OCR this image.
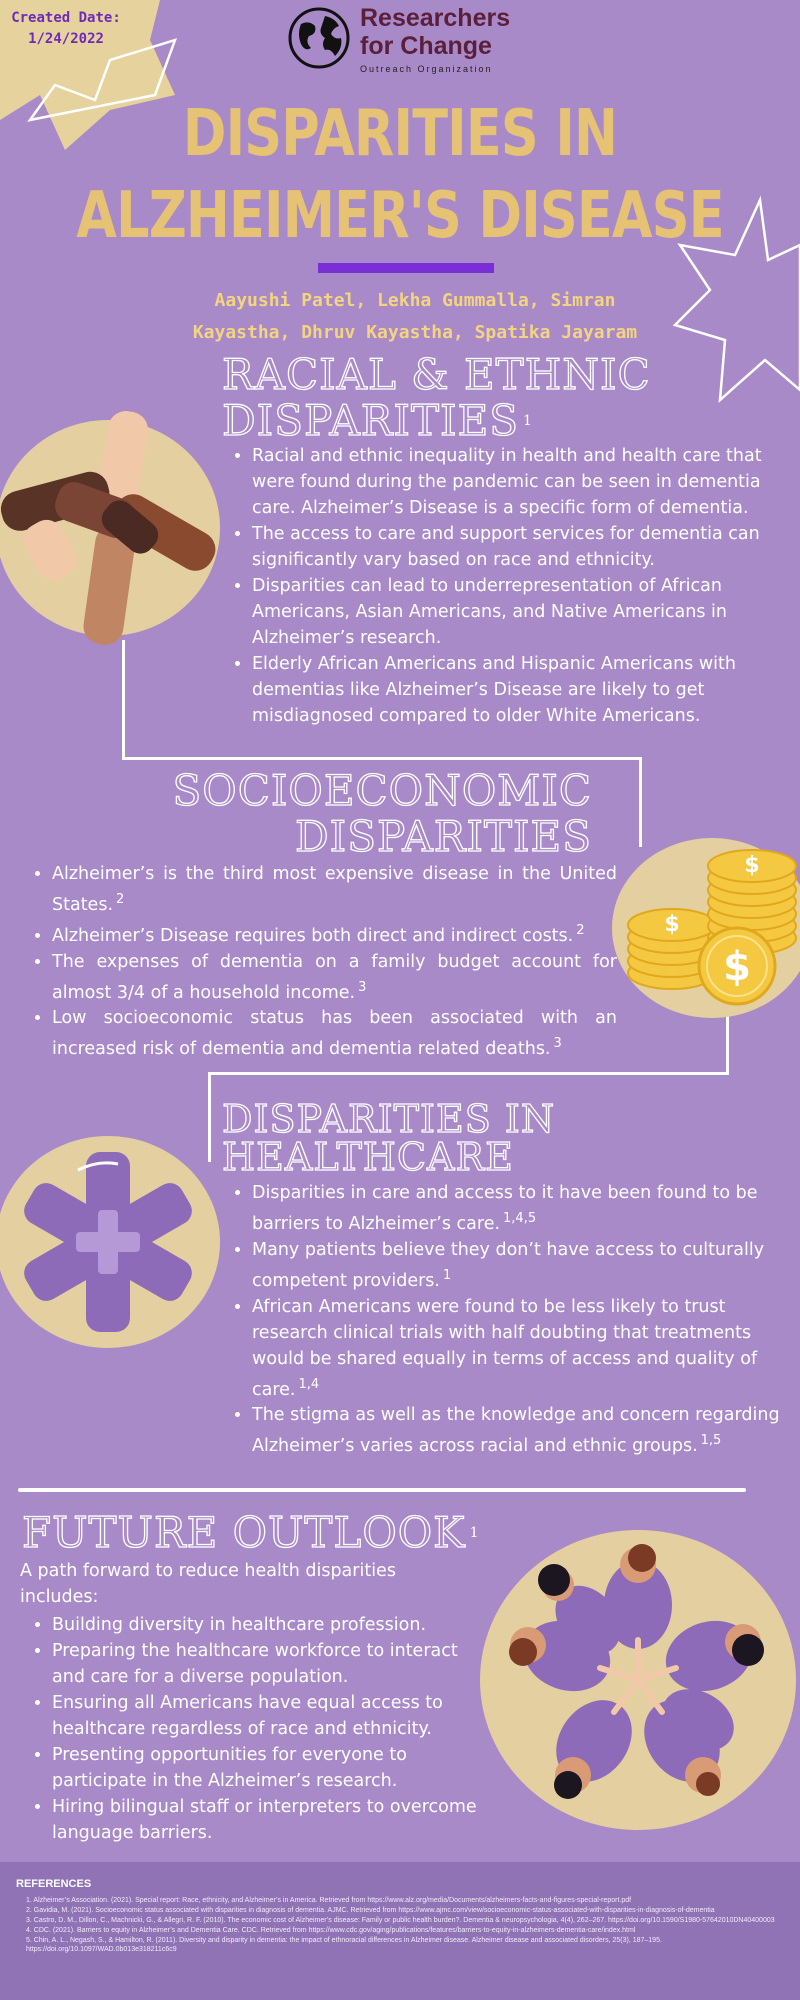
Created Date:
1/24/2022
Researchers
for Change
Outreach Organization
DISPARITIES IN
ALZHEIMER'S DISEASE
Aayushi Patel, Lekha Gummalla, Simran
Kayastha, Dhruv Kayastha, Spatika Jayaram
RACIAL & ETHNIC
DISPARITIES $^1$
• Racial and ethnic inequality in health and health care that were found during the pandemic can be seen in dementia care. Alzheimer’s Disease is a specific form of dementia.
• The access to care and support services for dementia can significantly vary based on race and ethnicity.
• Disparities can lead to underrepresentation of African Americans, Asian Americans, and Native Americans in Alzheimer’s research.
• Elderly African Americans and Hispanic Americans with dementias like Alzheimer’s Disease are likely to get misdiagnosed compared to older White Americans.
SOCIOECONOMIC
DISPARITIES
• Alzheimer’s is the third most expensive disease in the United States. $^2$
• Alzheimer’s Disease requires both direct and indirect costs. $^2$
• The expenses of dementia on a family budget account for almost 3/4 of a household income. $^3$
• Low socioeconomic status has been associated with an increased risk of dementia and dementia related deaths. $^3$
$
$
$
DISPARITIES IN
HEALTHCARE
• Disparities in care and access to it have been found to be barriers to Alzheimer’s care. $^{1,4,5}$
• Many patients believe they don’t have access to culturally competent providers. $^1$
• African Americans were found to be less likely to trust research clinical trials with half doubting that treatments would be shared equally in terms of access and quality of care. $^{1,4}$
• The stigma as well as the knowledge and concern regarding Alzheimer’s varies across racial and ethnic groups. $^{1,5}$
FUTURE OUTLOOK $^1$
A path forward to reduce health disparities includes:
• Building diversity in healthcare profession.
• Preparing the healthcare workforce to interact and care for a diverse population.
• Ensuring all Americans have equal access to healthcare regardless of race and ethnicity.
• Presenting opportunities for everyone to participate in the Alzheimer’s research.
• Hiring bilingual staff or interpreters to overcome language barriers.
REFERENCES
1. Alzheimer’s Association. (2021). Special report: Race, ethnicity, and Alzheimer’s in America. Retrieved from https://www.alz.org/media/Documents/alzheimers-facts-and-figures-special-report.pdf
2. Gavidia, M. (2021). Socioeconomic status associated with disparities in diagnosis of dementia. AJMC. Retrieved from https://www.ajmc.com/view/socioeconomic-status-associated-with-disparities-in-diagnosis-of-dementia
3. Castro, D. M., Dillon, C., Machnicki, G., & Allegri, R. F. (2010). The economic cost of Alzheimer’s disease: Family or public health burden?. Dementia & neuropsychologia, 4(4), 262–267. https://doi.org/10.1590/S1980-57642010DN40400003
4. CDC. (2021). Barriers to equity in Alzheimer’s and Dementia Care. CDC. Retrieved from https://www.cdc.gov/aging/publications/features/barriers-to-equity-in-alzheimers-dementia-care/index.html
5. Chin, A. L., Negash, S., & Hamilton, R. (2011). Diversity and disparity in dementia: the impact of ethnoracial differences in Alzheimer disease. Alzheimer disease and associated disorders, 25(3), 187–195. https://doi.org/10.1097/WAD.0b013e318211c6c9
